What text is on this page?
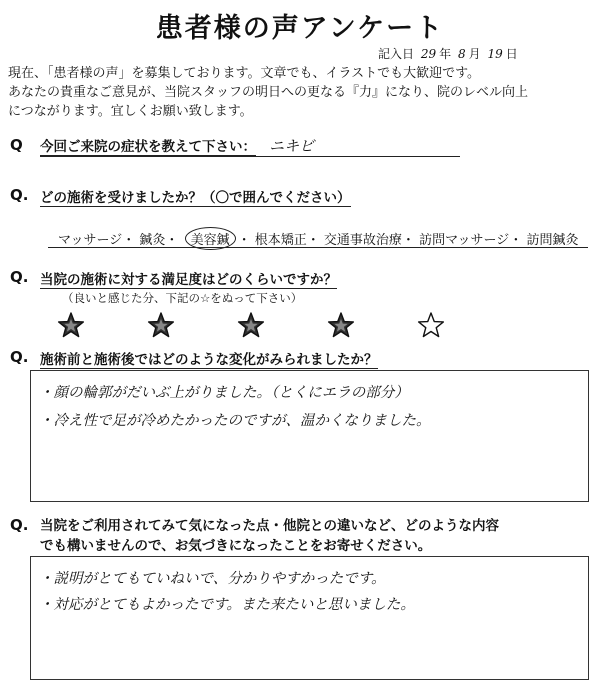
患者様の声アンケート
記入日 29 年 8 月 19 日
現在、「患者様の声」を募集しております。文章でも、イラストでも大歓迎です。
あなたの貴重なご意見が、当院スタッフの明日への更なる『力』になり、院のレベル向上
につながります。宜しくお願い致します。
Q 今回ご来院の症状を教えて下さい： ニキビ
Q. どの施術を受けましたか？（〇で囲んでください）
マッサージ・ 鍼灸・ 美容鍼 ・ 根本矯正・ 交通事故治療・ 訪問マッサージ・ 訪問鍼灸
Q. 当院の施術に対する満足度はどのくらいですか？
（良いと感じた分、下記の☆をぬって下さい）
Q. 施術前と施術後ではどのような変化がみられましたか？
・顔の輪郭がだいぶ上がりました。（とくにエラの部分）
・冷え性で足が冷めたかったのですが、温かくなりました。
Q. 当院をご利用されてみて気になった点・他院との違いなど、どのような内容
でも構いませんので、お気づきになったことをお寄せください。
・説明がとてもていねいで、分かりやすかったです。
・対応がとてもよかったです。また来たいと思いました。
